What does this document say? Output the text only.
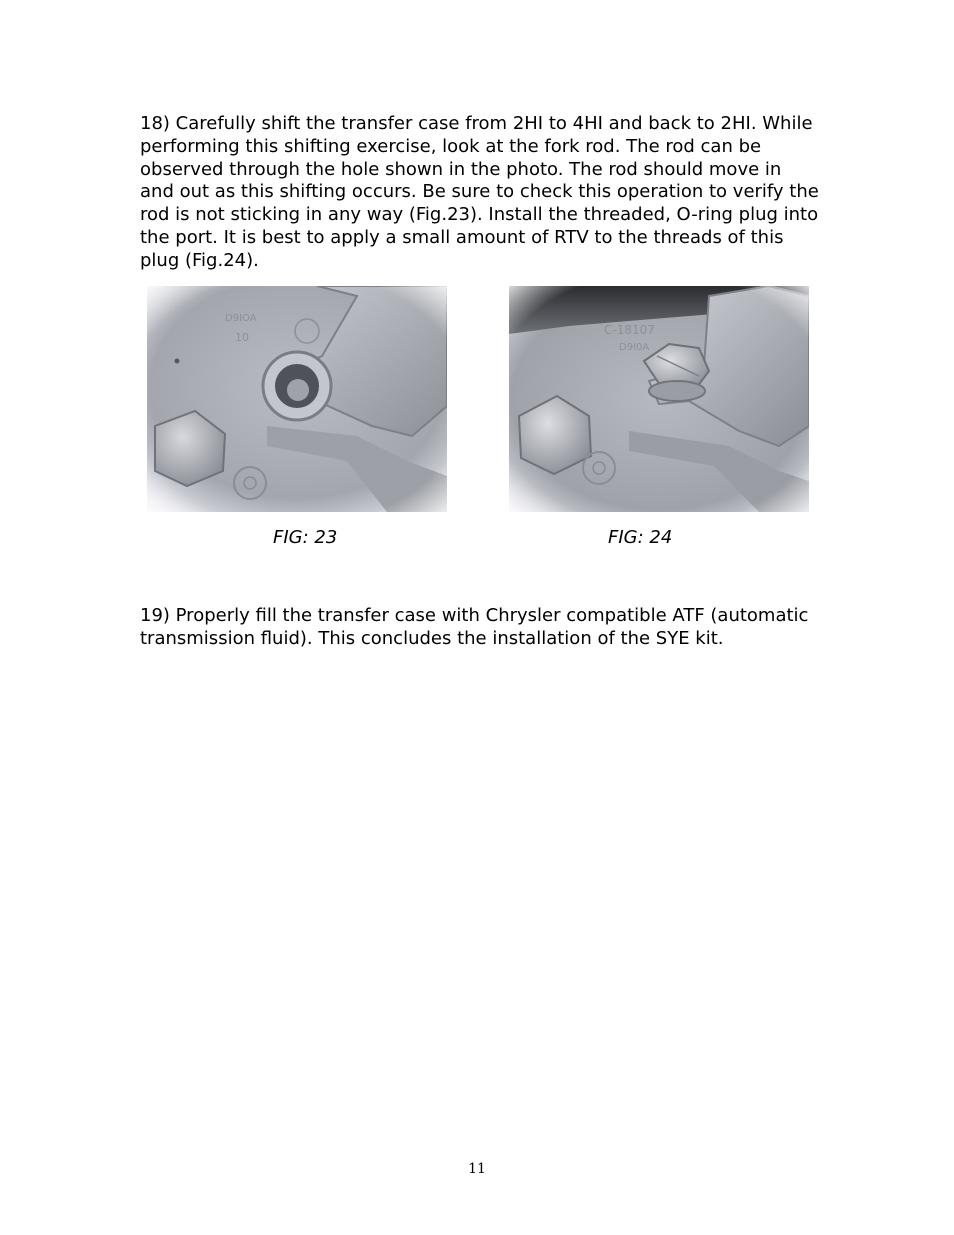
18) Carefully shift the transfer case from 2HI to 4HI and back to 2HI. While performing this shifting exercise, look at the fork rod. The rod can be observed through the hole shown in the photo. The rod should move in and out as this shifting occurs. Be sure to check this operation to verify the rod is not sticking in any way (Fig.23). Install the threaded, O-ring plug into the port. It is best to apply a small amount of RTV to the threads of this plug (Fig.24).

FIG: 23	FIG: 24

19) Properly fill the transfer case with Chrysler compatible ATF (automatic transmission fluid). This concludes the installation of the SYE kit.

11
